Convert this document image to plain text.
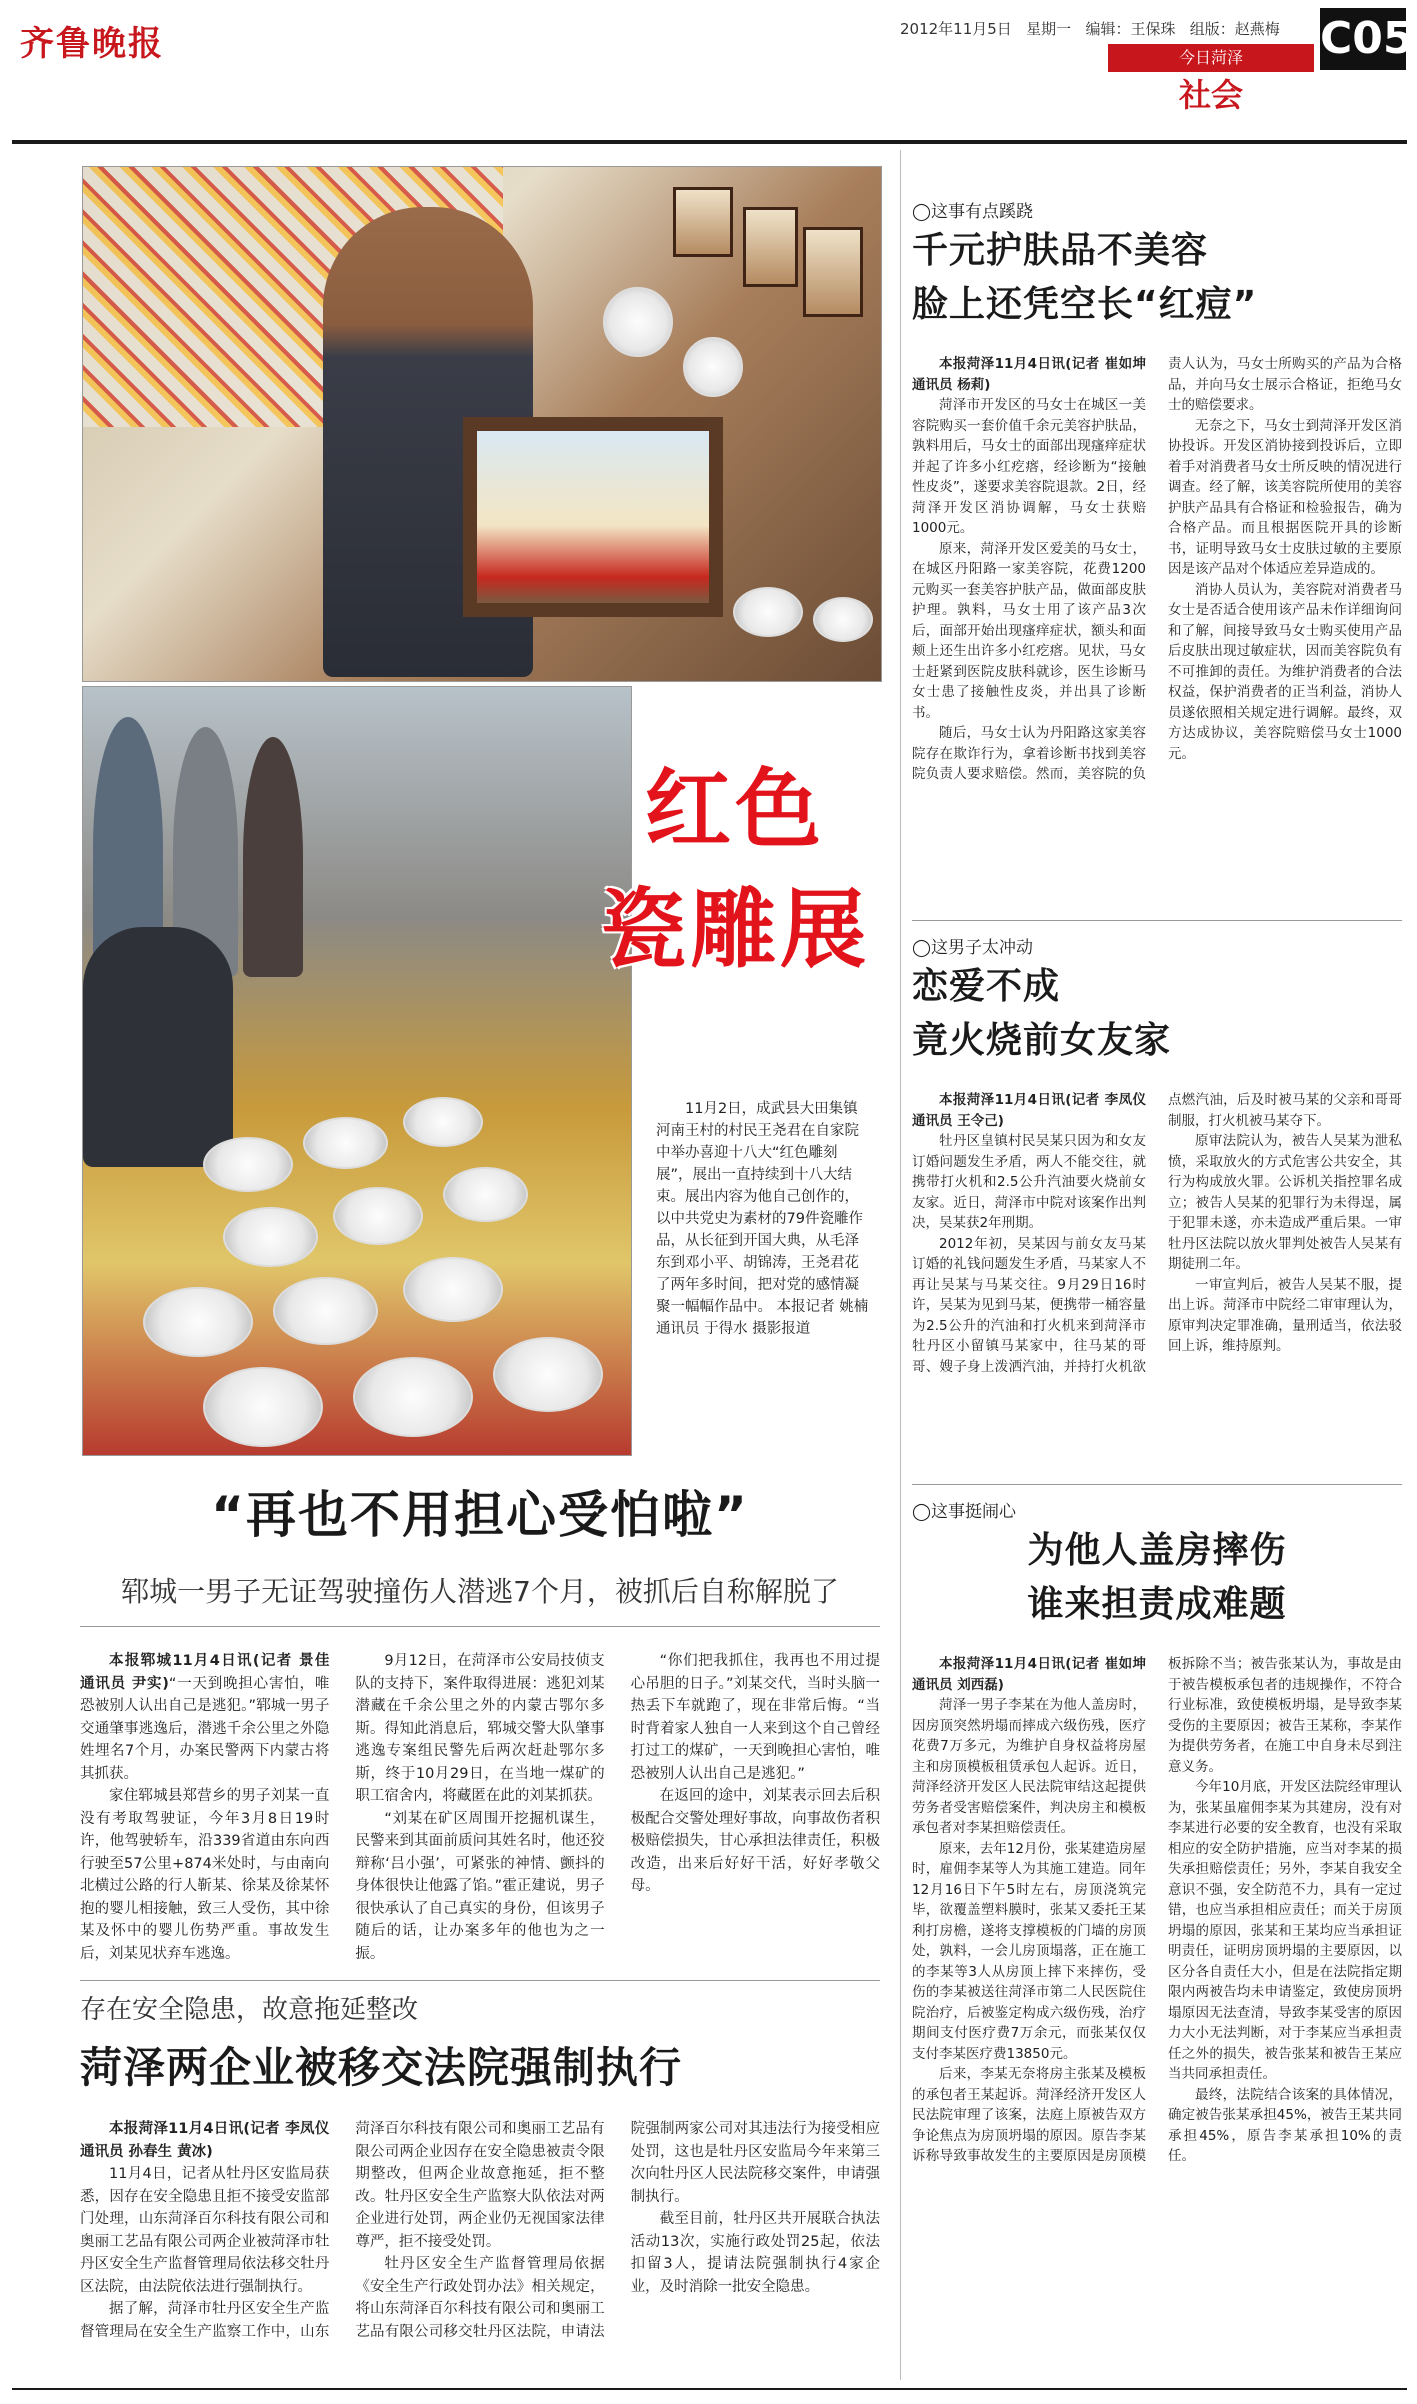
齐鲁晚报	2012年11月5日 星期一 编辑：王保珠 组版：赵燕梅
今日菏泽
社会
C05
红色
瓷雕展
11月2日，成武县大田集镇河南王村的村民王尧君在自家院中举办喜迎十八大“红色雕刻展”，展出一直持续到十八大结束。展出内容为他自己创作的，以中共党史为素材的79件瓷雕作品，从长征到开国大典，从毛泽东到邓小平、胡锦涛，王尧君花了两年多时间，把对党的感情凝聚一幅幅作品中。 本报记者 姚楠 通讯员 于得水 摄影报道
“再也不用担心受怕啦”
郓城一男子无证驾驶撞伤人潜逃7个月，被抓后自称解脱了

本报郓城11月4日讯(记者 景佳 通讯员 尹实)“一天到晚担心害怕，唯恐被别人认出自己是逃犯。”郓城一男子交通肇事逃逸后，潜逃千余公里之外隐姓埋名7个月，办案民警两下内蒙古将其抓获。

家住郓城县郑营乡的男子刘某一直没有考取驾驶证，今年3月8日19时许，他驾驶轿车，沿339省道由东向西行驶至57公里+874米处时，与由南向北横过公路的行人靳某、徐某及徐某怀抱的婴儿相接触，致三人受伤，其中徐某及怀中的婴儿伤势严重。事故发生后，刘某见状弃车逃逸。

9月12日，在菏泽市公安局技侦支队的支持下，案件取得进展：逃犯刘某潜藏在千余公里之外的内蒙古鄂尔多斯。得知此消息后，郓城交警大队肇事逃逸专案组民警先后两次赶赴鄂尔多斯，终于10月29日，在当地一煤矿的职工宿舍内，将藏匿在此的刘某抓获。

“刘某在矿区周围开挖掘机谋生，民警来到其面前质问其姓名时，他还狡辩称‘吕小强’，可紧张的神情、颤抖的身体很快让他露了馅。”霍正建说，男子很快承认了自己真实的身份，但该男子随后的话，让办案多年的他也为之一振。

“你们把我抓住，我再也不用过提心吊胆的日子。”刘某交代，当时头脑一热丢下车就跑了，现在非常后悔。“当时背着家人独自一人来到这个自己曾经打过工的煤矿，一天到晚担心害怕，唯恐被别人认出自己是逃犯。”

在返回的途中，刘某表示回去后积极配合交警处理好事故，向事故伤者积极赔偿损失，甘心承担法律责任，积极改造，出来后好好干活，好好孝敬父母。

存在安全隐患，故意拖延整改
菏泽两企业被移交法院强制执行

本报菏泽11月4日讯(记者 李凤仪 通讯员 孙春生 黄冰)

11月4日，记者从牡丹区安监局获悉，因存在安全隐患且拒不接受安监部门处理，山东菏泽百尔科技有限公司和奥丽工艺品有限公司两企业被菏泽市牡丹区安全生产监督管理局依法移交牡丹区法院，由法院依法进行强制执行。

据了解，菏泽市牡丹区安全生产监督管理局在安全生产监察工作中，山东菏泽百尔科技有限公司和奥丽工艺品有限公司两企业因存在安全隐患被责令限期整改，但两企业故意拖延，拒不整改。牡丹区安全生产监察大队依法对两企业进行处罚，两企业仍无视国家法律尊严，拒不接受处罚。

牡丹区安全生产监督管理局依据《安全生产行政处罚办法》相关规定，将山东菏泽百尔科技有限公司和奥丽工艺品有限公司移交牡丹区法院，申请法院强制两家公司对其违法行为接受相应处罚，这也是牡丹区安监局今年来第三次向牡丹区人民法院移交案件，申请强制执行。

截至目前，牡丹区共开展联合执法活动13次，实施行政处罚25起，依法扣留3人，提请法院强制执行4家企业，及时消除一批安全隐患。

◯这事有点蹊跷
千元护肤品不美容
脸上还凭空长“红痘”

本报菏泽11月4日讯(记者 崔如坤 通讯员 杨莉)

菏泽市开发区的马女士在城区一美容院购买一套价值千余元美容护肤品，孰料用后，马女士的面部出现瘙痒症状并起了许多小红疙瘩，经诊断为“接触性皮炎”，遂要求美容院退款。2日，经菏泽开发区消协调解，马女士获赔1000元。

原来，菏泽开发区爱美的马女士，在城区丹阳路一家美容院，花费1200元购买一套美容护肤产品，做面部皮肤护理。孰料，马女士用了该产品3次后，面部开始出现瘙痒症状，额头和面颊上还生出许多小红疙瘩。见状，马女士赶紧到医院皮肤科就诊，医生诊断马女士患了接触性皮炎，并出具了诊断书。

随后，马女士认为丹阳路这家美容院存在欺诈行为，拿着诊断书找到美容院负责人要求赔偿。然而，美容院的负责人认为，马女士所购买的产品为合格品，并向马女士展示合格证，拒绝马女士的赔偿要求。

无奈之下，马女士到菏泽开发区消协投诉。开发区消协接到投诉后，立即着手对消费者马女士所反映的情况进行调查。经了解，该美容院所使用的美容护肤产品具有合格证和检验报告，确为合格产品。而且根据医院开具的诊断书，证明导致马女士皮肤过敏的主要原因是该产品对个体适应差异造成的。

消协人员认为，美容院对消费者马女士是否适合使用该产品未作详细询问和了解，间接导致马女士购买使用产品后皮肤出现过敏症状，因而美容院负有不可推卸的责任。为维护消费者的合法权益，保护消费者的正当利益，消协人员遂依照相关规定进行调解。最终，双方达成协议，美容院赔偿马女士1000元。

◯这男子太冲动
恋爱不成
竟火烧前女友家

本报菏泽11月4日讯(记者 李凤仪 通讯员 王令己)

牡丹区皇镇村民吴某只因为和女友订婚问题发生矛盾，两人不能交往，就携带打火机和2.5公升汽油要火烧前女友家。近日，菏泽市中院对该案作出判决，吴某获2年刑期。

2012年初，吴某因与前女友马某订婚的礼钱问题发生矛盾，马某家人不再让吴某与马某交往。9月29日16时许，吴某为见到马某，便携带一桶容量为2.5公升的汽油和打火机来到菏泽市牡丹区小留镇马某家中，往马某的哥哥、嫂子身上泼洒汽油，并持打火机欲点燃汽油，后及时被马某的父亲和哥哥制服，打火机被马某夺下。

原审法院认为，被告人吴某为泄私愤，采取放火的方式危害公共安全，其行为构成放火罪。公诉机关指控罪名成立；被告人吴某的犯罪行为未得逞，属于犯罪未遂，亦未造成严重后果。一审牡丹区法院以放火罪判处被告人吴某有期徒刑二年。

一审宣判后，被告人吴某不服，提出上诉。菏泽市中院经二审审理认为，原审判决定罪准确，量刑适当，依法驳回上诉，维持原判。

◯这事挺闹心
为他人盖房摔伤
谁来担责成难题

本报菏泽11月4日讯(记者 崔如坤 通讯员 刘西磊)

菏泽一男子李某在为他人盖房时，因房顶突然坍塌而摔成六级伤残，医疗花费7万多元，为维护自身权益将房屋主和房顶模板租赁承包人起诉。近日，菏泽经济开发区人民法院审结这起提供劳务者受害赔偿案件，判决房主和模板承包者对李某担赔偿责任。

原来，去年12月份，张某建造房屋时，雇佣李某等人为其施工建造。同年12月16日下午5时左右，房顶浇筑完毕，欲覆盖塑料膜时，张某又委托王某利打房檐，遂将支撑模板的门墙的房顶处，孰料，一会儿房顶塌落，正在施工的李某等3人从房顶上摔下来摔伤，受伤的李某被送往菏泽市第二人民医院住院治疗，后被鉴定构成六级伤残，治疗期间支付医疗费7万余元，而张某仅仅支付李某医疗费13850元。

后来，李某无奈将房主张某及模板的承包者王某起诉。菏泽经济开发区人民法院审理了该案，法庭上原被告双方争论焦点为房顶坍塌的原因。原告李某诉称导致事故发生的主要原因是房顶模板拆除不当；被告张某认为，事故是由于被告模板承包者的违规操作，不符合行业标准，致使模板坍塌，是导致李某受伤的主要原因；被告王某称，李某作为提供劳务者，在施工中自身未尽到注意义务。

今年10月底，开发区法院经审理认为，张某虽雇佣李某为其建房，没有对李某进行必要的安全教育，也没有采取相应的安全防护措施，应当对李某的损失承担赔偿责任；另外，李某自我安全意识不强，安全防范不力，具有一定过错，也应当承担相应责任；而关于房顶坍塌的原因，张某和王某均应当承担证明责任，证明房顶坍塌的主要原因，以区分各自责任大小，但是在法院指定期限内两被告均未申请鉴定，致使房顶坍塌原因无法查清，导致李某受害的原因力大小无法判断，对于李某应当承担责任之外的损失，被告张某和被告王某应当共同承担责任。

最终，法院结合该案的具体情况，确定被告张某承担45%，被告王某共同承担45%，原告李某承担10%的责任。
